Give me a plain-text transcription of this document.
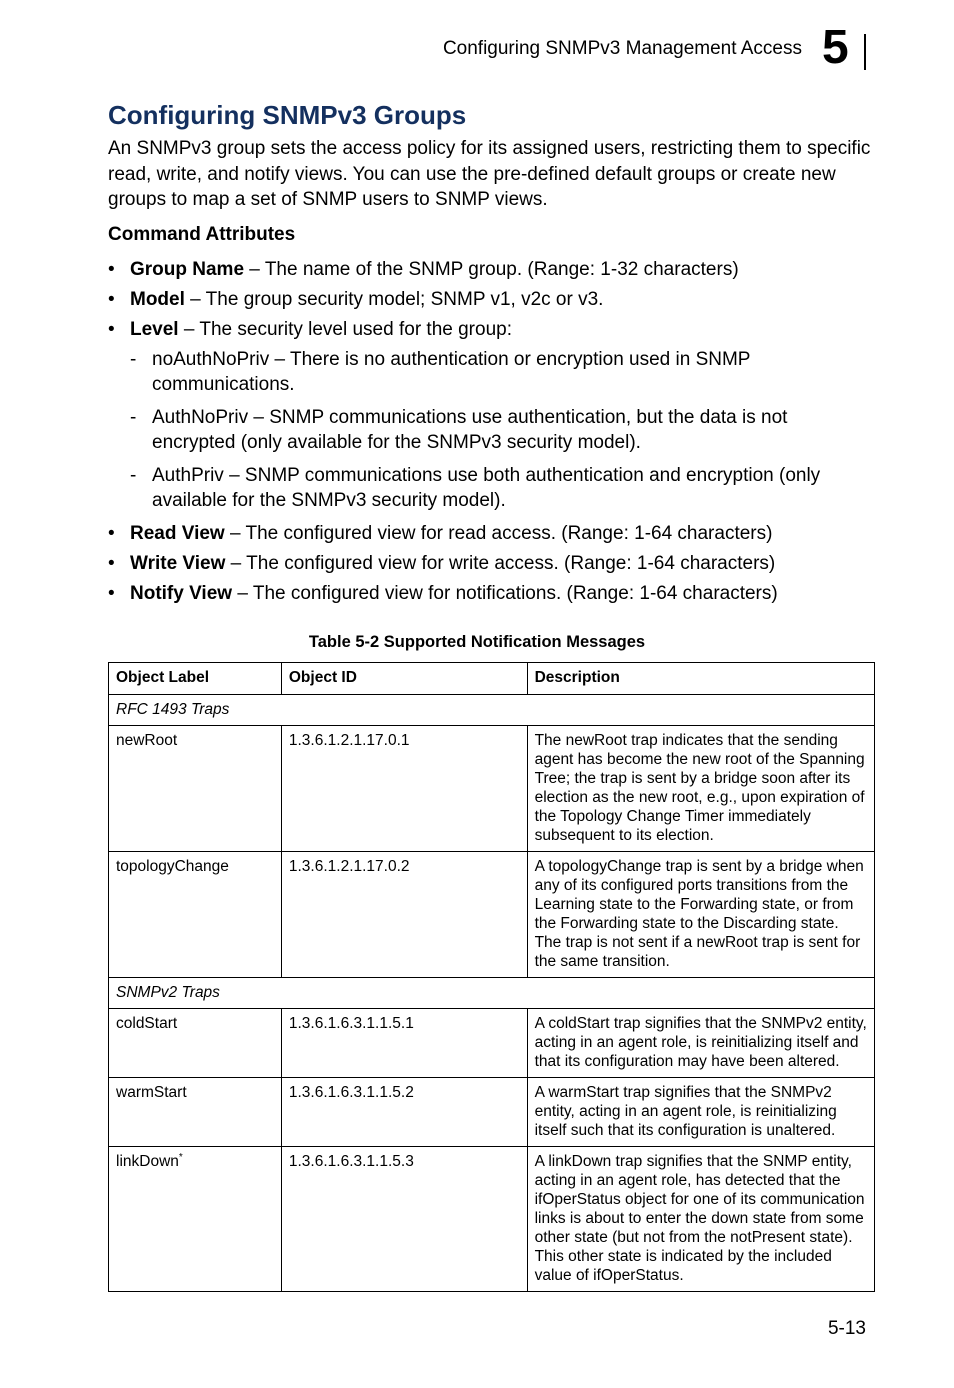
Configuring SNMPv3 Management Access 5
Configuring SNMPv3 Groups

An SNMPv3 group sets the access policy for its assigned users, restricting them to specific read, write, and notify views. You can use the pre-defined default groups or create new groups to map a set of SNMP users to SNMP views.

Command Attributes
• Group Name – The name of the SNMP group. (Range: 1-32 characters)
• Model – The group security model; SNMP v1, v2c or v3.
• Level – The security level used for the group:
- noAuthNoPriv – There is no authentication or encryption used in SNMP communications.
- AuthNoPriv – SNMP communications use authentication, but the data is not encrypted (only available for the SNMPv3 security model).
- AuthPriv – SNMP communications use both authentication and encryption (only available for the SNMPv3 security model).
• Read View – The configured view for read access. (Range: 1-64 characters)
• Write View – The configured view for write access. (Range: 1-64 characters)
• Notify View – The configured view for notifications. (Range: 1-64 characters)
Table 5-2 Supported Notification Messages
Object Label	Object ID	Description
RFC 1493 Traps		
newRoot	1.3.6.1.2.1.17.0.1	The newRoot trap indicates that the sending agent has become the new root of the Spanning Tree; the trap is sent by a bridge soon after its election as the new root, e.g., upon expiration of the Topology Change Timer immediately subsequent to its election.
topologyChange	1.3.6.1.2.1.17.0.2	A topologyChange trap is sent by a bridge when any of its configured ports transitions from the Learning state to the Forwarding state, or from the Forwarding state to the Discarding state. The trap is not sent if a newRoot trap is sent for the same transition.
SNMPv2 Traps		
coldStart	1.3.6.1.6.3.1.1.5.1	A coldStart trap signifies that the SNMPv2 entity, acting in an agent role, is reinitializing itself and that its configuration may have been altered.
warmStart	1.3.6.1.6.3.1.1.5.2	A warmStart trap signifies that the SNMPv2 entity, acting in an agent role, is reinitializing itself such that its configuration is unaltered.
linkDown*	1.3.6.1.6.3.1.1.5.3	A linkDown trap signifies that the SNMP entity, acting in an agent role, has detected that the ifOperStatus object for one of its communication links is about to enter the down state from some other state (but not from the notPresent state). This other state is indicated by the included value of ifOperStatus.
5-13
